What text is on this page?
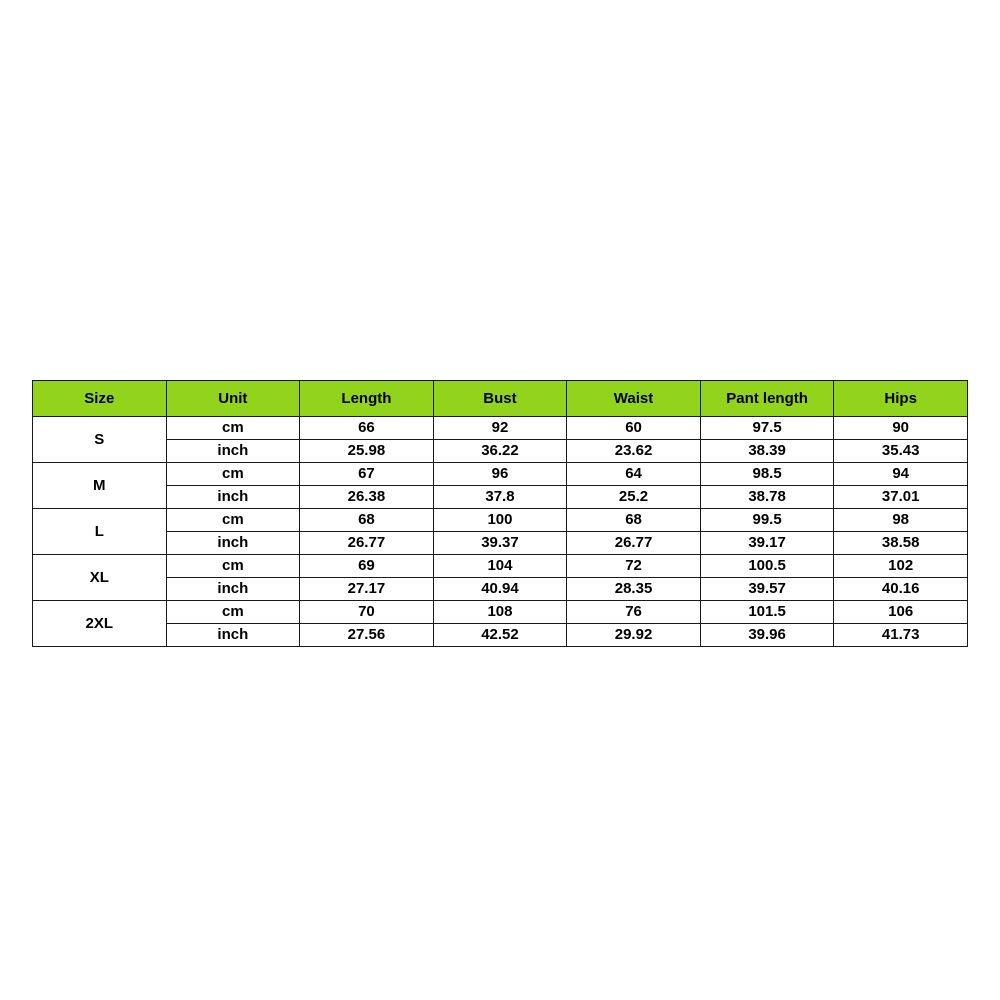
Size	Unit	Length	Bust	Waist	Pant length	Hips
S	cm	66	92	60	97.5	90
	inch	25.98	36.22	23.62	38.39	35.43
M	cm	67	96	64	98.5	94
	inch	26.38	37.8	25.2	38.78	37.01
L	cm	68	100	68	99.5	98
	inch	26.77	39.37	26.77	39.17	38.58
XL	cm	69	104	72	100.5	102
	inch	27.17	40.94	28.35	39.57	40.16
2XL	cm	70	108	76	101.5	106
	inch	27.56	42.52	29.92	39.96	41.73
